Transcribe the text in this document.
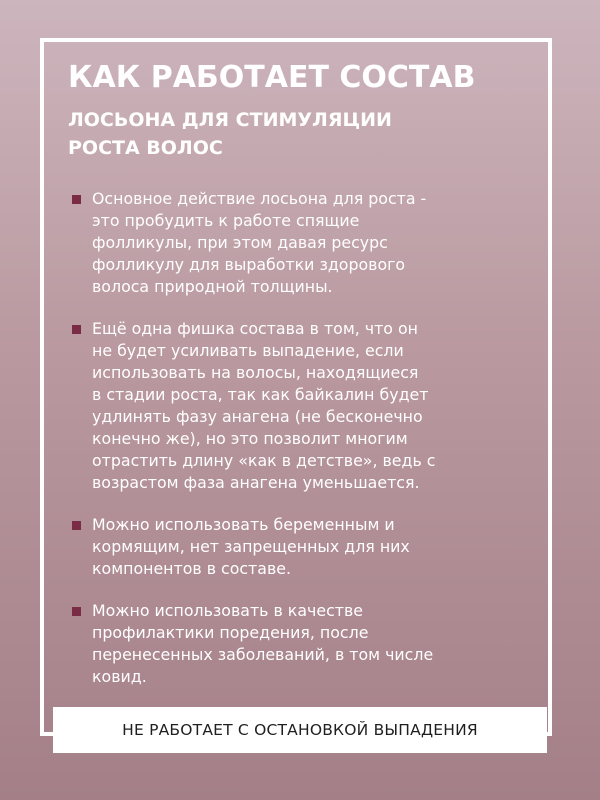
КАК РАБОТАЕТ СОСТАВ
ЛОСЬОНА ДЛЯ СТИМУЛЯЦИИ
РОСТА ВОЛОС
Основное действие лосьона для роста -
это пробудить к работе спящие
фолликулы, при этом давая ресурс
фолликулу для выработки здорового
волоса природной толщины.
Ещё одна фишка состава в том, что он
не будет усиливать выпадение, если
использовать на волосы, находящиеся
в стадии роста, так как байкалин будет
удлинять фазу анагена (не бесконечно
конечно же), но это позволит многим
отрастить длину «как в детстве», ведь с
возрастом фаза анагена уменьшается.
Можно использовать беременным и
кормящим, нет запрещенных для них
компонентов в составе.
Можно использовать в качестве
профилактики поредения, после
перенесенных заболеваний, в том числе
ковид.
НЕ РАБОТАЕТ С ОСТАНОВКОЙ ВЫПАДЕНИЯ
